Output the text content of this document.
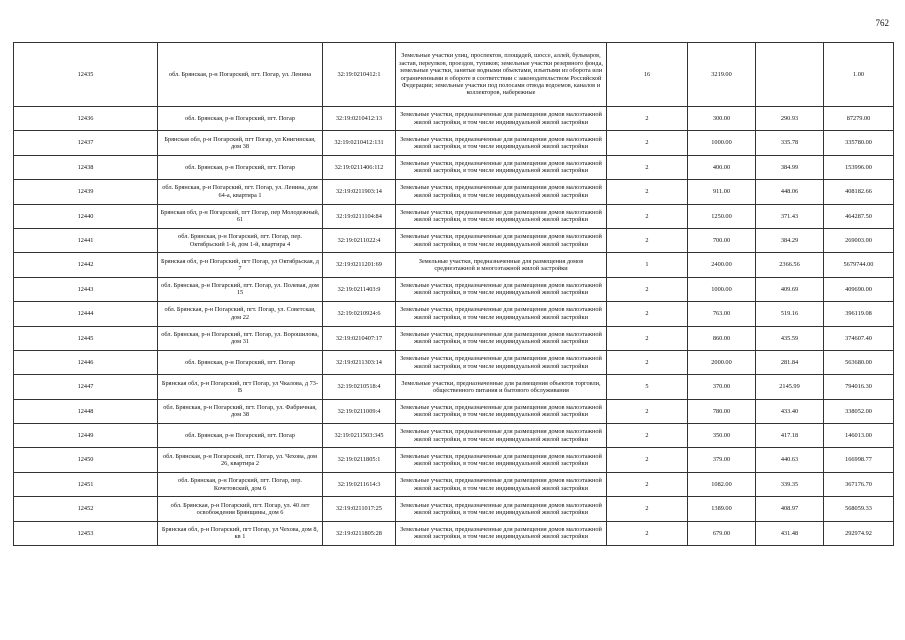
762
12435	обл. Брянская, р-н Погарский, пгт. Погар, ул. Ленина	32:19:0210412:1	Земельные участки улиц, проспектов, площадей, шоссе, аллей, бульваров, застав, переулков, проездов, тупиков; земельные участки резервного фонда, земельные участки, занятые водными объектами, изъятыми из оборота или ограниченными в обороте в соответствии с законодательством Российской Федерации; земельные участки под полосами отвода водоемов, каналов и коллекторов, набережные	16	3219.00		1.00
12436	обл. Брянская, р-н Погарский, пгт. Погар	32:19:0210412:13	Земельные участки, предназначенные для размещения домов малоэтажной жилой застройки, в том числе индивидуальной жилой застройки	2	300.00	290.93	87279.00
12437	Брянская обл, р-н Погарский, пгт Погар, ул Книгинская, дом 38	32:19:0210412:131	Земельные участки, предназначенные для размещения домов малоэтажной жилой застройки, в том числе индивидуальной жилой застройки	2	1000.00	335.78	335780.00
12438	обл. Брянская, р-н Погарский, пгт. Погар	32:19:0211406:112	Земельные участки, предназначенные для размещения домов малоэтажной жилой застройки, в том числе индивидуальной жилой застройки	2	400.00	384.99	153996.00
12439	обл. Брянская, р-н Погарский, пгт. Погар, ул. Ленина, дом 64-а, квартира 1	32:19:0211903:14	Земельные участки, предназначенные для размещения домов малоэтажной жилой застройки, в том числе индивидуальной жилой застройки	2	911.00	448.06	408182.66
12440	Брянская обл, р-н Погарский, пгт Погар, пер Молодежный, 61	32:19:0211104:84	Земельные участки, предназначенные для размещения домов малоэтажной жилой застройки, в том числе индивидуальной жилой застройки	2	1250.00	371.43	464287.50
12441	обл. Брянская, р-н Погарский, пгт. Погар, пер. Октябрьский 1-й, дом 1-й, квартира 4	32:19:0211022:4	Земельные участки, предназначенные для размещения домов малоэтажной жилой застройки, в том числе индивидуальной жилой застройки	2	700.00	384.29	269003.00
12442	Брянская обл, р-н Погарский, пгт Погар, ул Октябрьская, д 7	32:19:0211201:69	Земельные участки, предназначенные для размещения домов среднеэтажной и многоэтажной жилой застройки	1	2400.00	2366.56	5679744.00
12443	обл. Брянская, р-н Погарский, пгт. Погар, ул. Полевая, дом 15	32:19:0211403:9	Земельные участки, предназначенные для размещения домов малоэтажной жилой застройки, в том числе индивидуальной жилой застройки	2	1000.00	409.69	409690.00
12444	обл. Брянская, р-н Погарский, пгт. Погар, ул. Советская, дом 22	32:19:0210924:6	Земельные участки, предназначенные для размещения домов малоэтажной жилой застройки, в том числе индивидуальной жилой застройки	2	763.00	519.16	396119.08
12445	обл. Брянская, р-н Погарский, пгт. Погар, ул. Ворошилова, дом 31	32:19:0210407:17	Земельные участки, предназначенные для размещения домов малоэтажной жилой застройки, в том числе индивидуальной жилой застройки	2	860.00	435.59	374607.40
12446	обл. Брянская, р-н Погарский, пгт. Погар	32:19:0211303:14	Земельные участки, предназначенные для размещения домов малоэтажной жилой застройки, в том числе индивидуальной жилой застройки	2	2000.00	281.84	563680.00
12447	Брянская обл, р-н Погарский, пгт Погар, ул Чкалова, д 73-В	32:19:0210518:4	Земельные участки, предназначенные для размещения объектов торговли, общественного питания и бытового обслуживания	5	370.00	2145.99	794016.30
12448	обл. Брянская, р-н Погарский, пгт. Погар, ул. Фабричная, дом 38	32:19:0211009:4	Земельные участки, предназначенные для размещения домов малоэтажной жилой застройки, в том числе индивидуальной жилой застройки	2	780.00	433.40	338052.00
12449	обл. Брянская, р-н Погарский, пгт. Погар	32:19:0211503:345	Земельные участки, предназначенные для размещения домов малоэтажной жилой застройки, в том числе индивидуальной жилой застройки	2	350.00	417.18	146013.00
12450	обл. Брянская, р-н Погарский, пгт. Погар, ул. Чехова, дом 26, квартира 2	32:19:0211805:1	Земельные участки, предназначенные для размещения домов малоэтажной жилой застройки, в том числе индивидуальной жилой застройки	2	379.00	440.63	166998.77
12451	обл. Брянская, р-н Погарский, пгт. Погар, пер. Кочетовский, дом 6	32:19:0211614:3	Земельные участки, предназначенные для размещения домов малоэтажной жилой застройки, в том числе индивидуальной жилой застройки	2	1082.00	339.35	367176.70
12452	обл. Брянская, р-н Погарский, пгт. Погар, ул. 40 лет освобождения Брянщины, дом 6	32:19:0211017:25	Земельные участки, предназначенные для размещения домов малоэтажной жилой застройки, в том числе индивидуальной жилой застройки	2	1389.00	408.97	568059.33
12453	Брянская обл, р-н Погарский, пгт Погар, ул Чехова, дом 8, кв 1	32:19:0211805:28	Земельные участки, предназначенные для размещения домов малоэтажной жилой застройки, в том числе индивидуальной жилой застройки	2	679.00	431.48	292974.92
